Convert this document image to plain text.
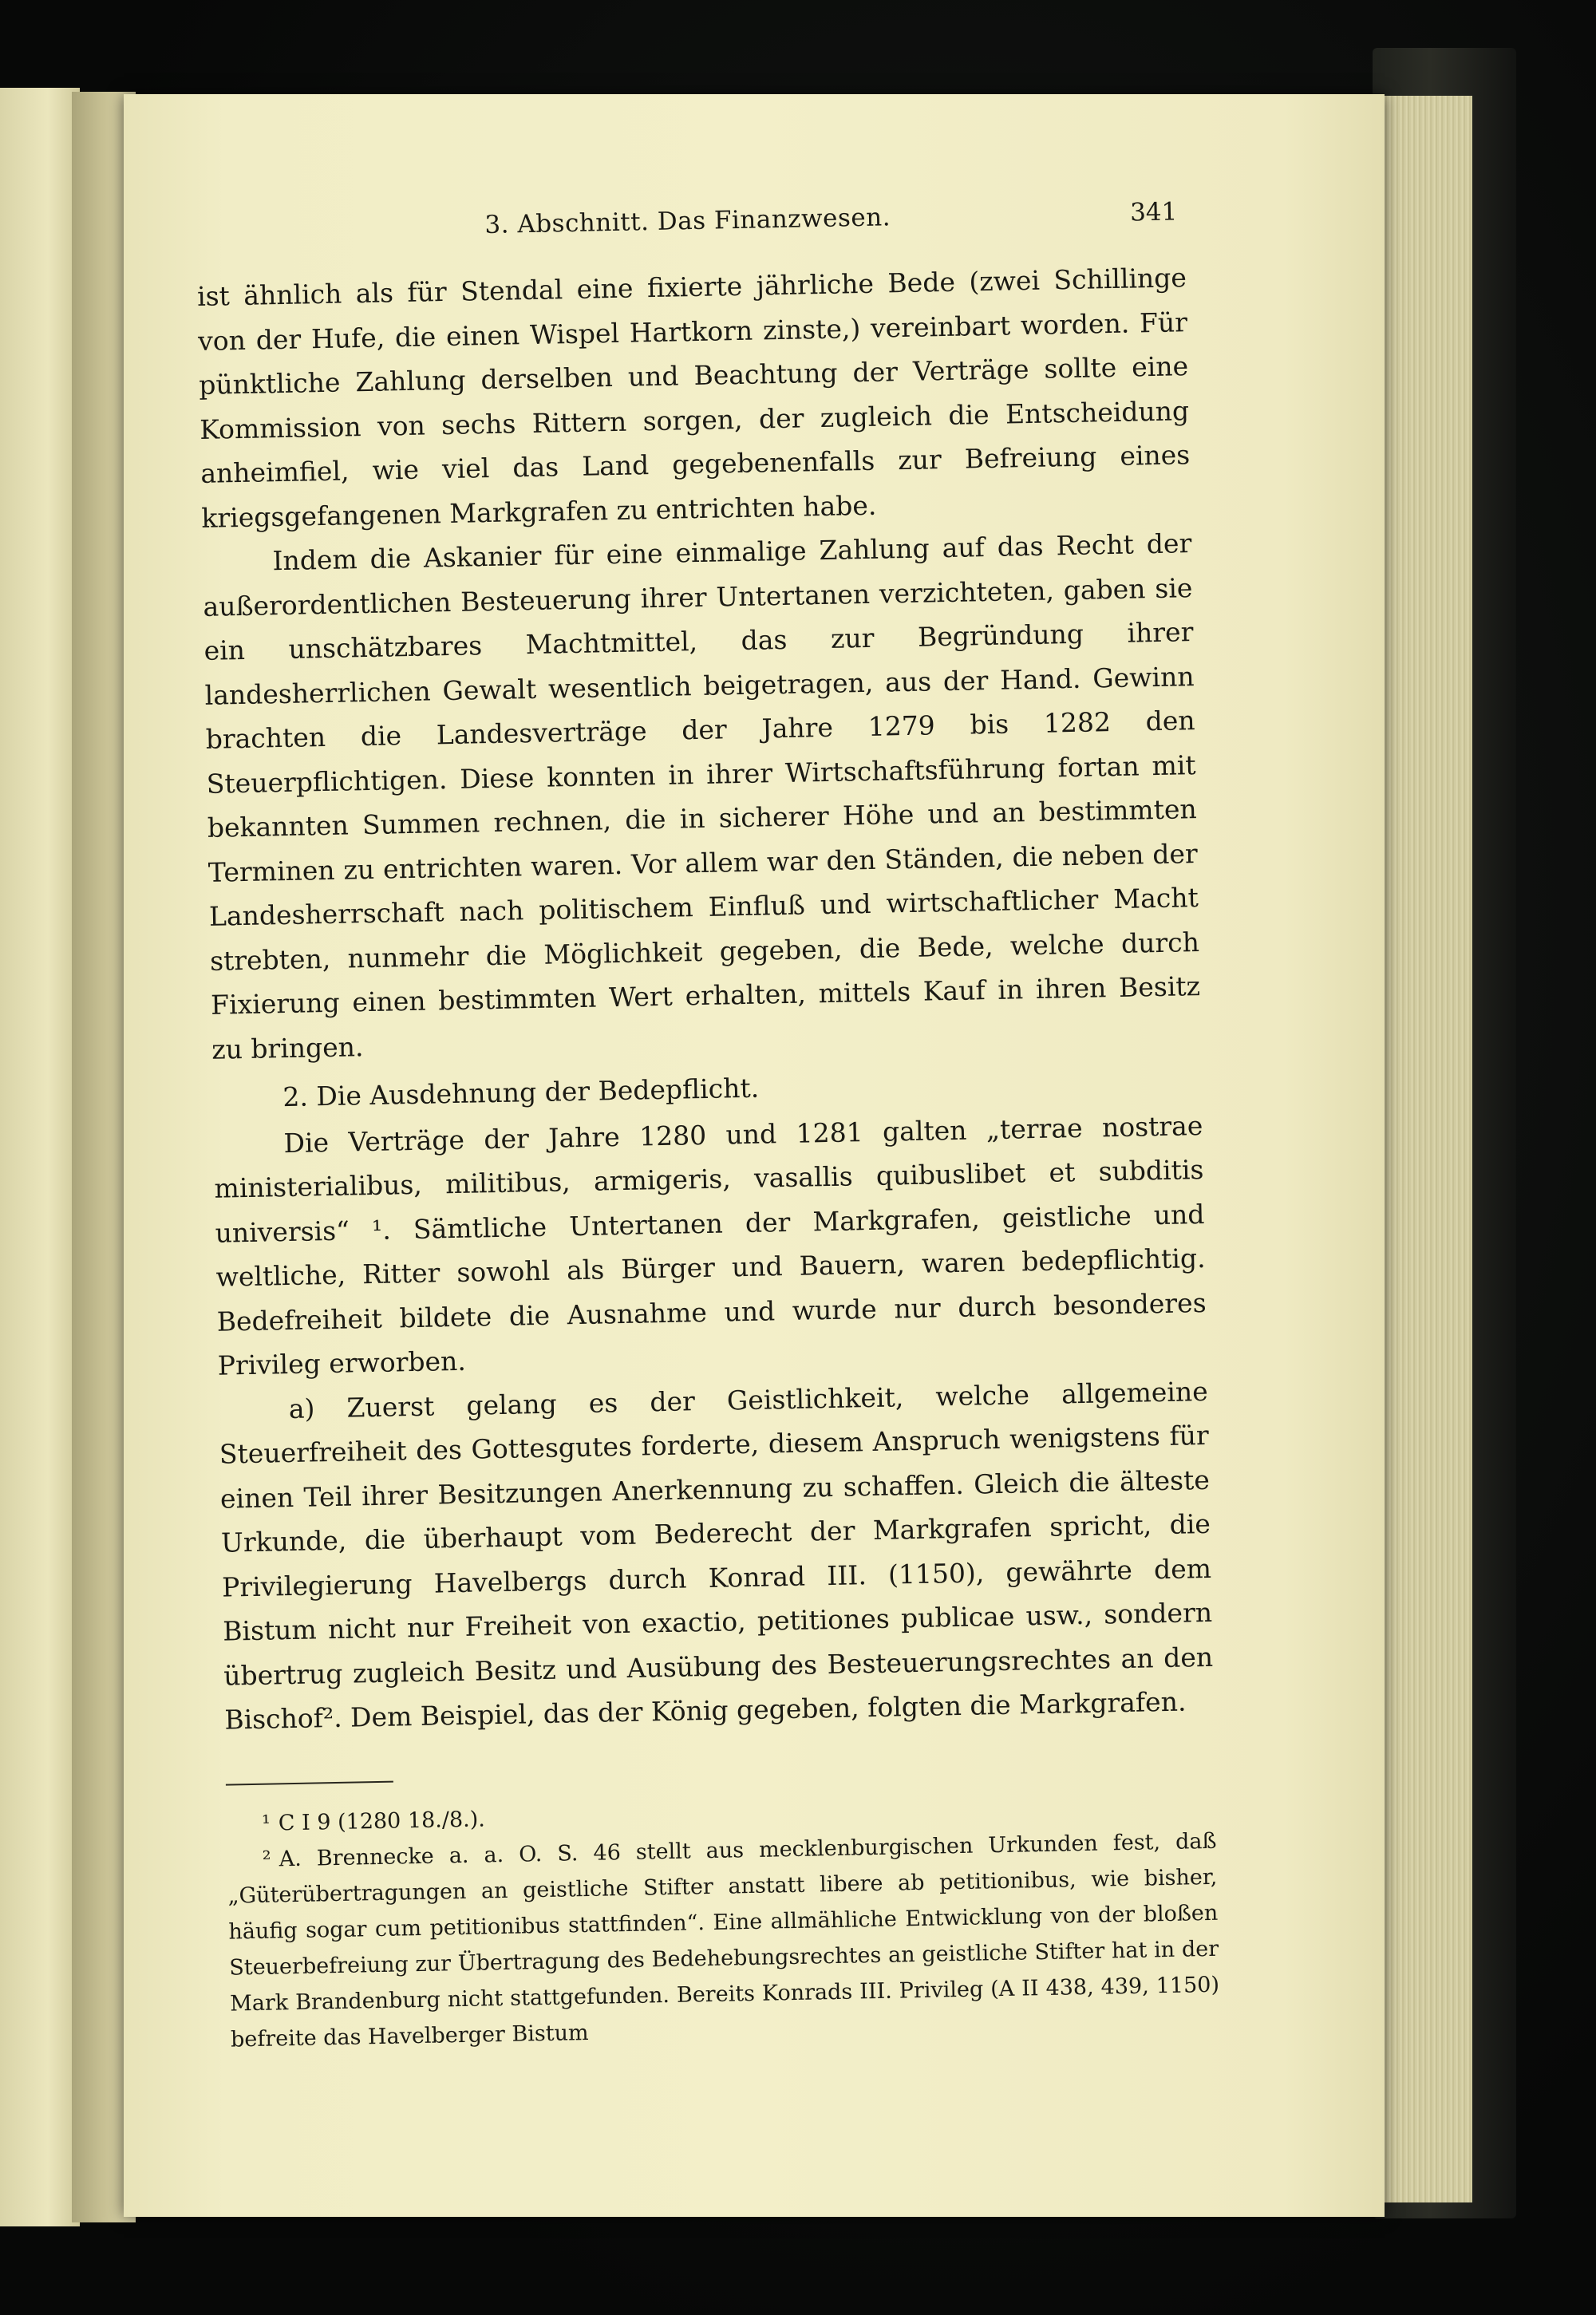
3. Abschnitt. Das Finanzwesen.	341

ist ähnlich als für Stendal eine fixierte jährliche Bede (zwei Schillinge von der Hufe, die einen Wispel Hartkorn zinste,) vereinbart worden. Für pünktliche Zahlung derselben und Beachtung der Verträge sollte eine Kommission von sechs Rittern sorgen, der zugleich die Entscheidung anheimfiel, wie viel das Land gegebenenfalls zur Befreiung eines kriegsgefangenen Markgrafen zu entrichten habe.

Indem die Askanier für eine einmalige Zahlung auf das Recht der außerordentlichen Besteuerung ihrer Untertanen verzichteten, gaben sie ein unschätzbares Machtmittel, das zur Begründung ihrer landesherrlichen Gewalt wesentlich beigetragen, aus der Hand. Gewinn brachten die Landesverträge der Jahre 1279 bis 1282 den Steuerpflichtigen. Diese konnten in ihrer Wirtschaftsführung fortan mit bekannten Summen rechnen, die in sicherer Höhe und an bestimmten Terminen zu entrichten waren. Vor allem war den Ständen, die neben der Landesherrschaft nach politischem Einfluß und wirtschaftlicher Macht strebten, nunmehr die Möglichkeit gegeben, die Bede, welche durch Fixierung einen bestimmten Wert erhalten, mittels Kauf in ihren Besitz zu bringen.

2. Die Ausdehnung der Bedepflicht.

Die Verträge der Jahre 1280 und 1281 galten „terrae nostrae ministerialibus, militibus, armigeris, vasallis quibuslibet et subditis universis“ ¹. Sämtliche Untertanen der Markgrafen, geistliche und weltliche, Ritter sowohl als Bürger und Bauern, waren bedepflichtig. Bedefreiheit bildete die Ausnahme und wurde nur durch besonderes Privileg erworben.

a) Zuerst gelang es der Geistlichkeit, welche allgemeine Steuerfreiheit des Gottesgutes forderte, diesem Anspruch wenigstens für einen Teil ihrer Besitzungen Anerkennung zu schaffen. Gleich die älteste Urkunde, die überhaupt vom Bederecht der Markgrafen spricht, die Privilegierung Havelbergs durch Konrad III. (1150), gewährte dem Bistum nicht nur Freiheit von exactio, petitiones publicae usw., sondern übertrug zugleich Besitz und Ausübung des Besteuerungsrechtes an den Bischof². Dem Beispiel, das der König gegeben, folgten die Markgrafen.

¹ C I 9 (1280 18./8.).

² A. Brennecke a. a. O. S. 46 stellt aus mecklenburgischen Urkunden fest, daß „Güterübertragungen an geistliche Stifter anstatt libere ab petitionibus, wie bisher, häufig sogar cum petitionibus stattfinden“. Eine allmähliche Entwicklung von der bloßen Steuerbefreiung zur Übertragung des Bedehebungsrechtes an geistliche Stifter hat in der Mark Brandenburg nicht stattgefunden. Bereits Konrads III. Privileg (A II 438, 439, 1150) befreite das Havelberger Bistum
